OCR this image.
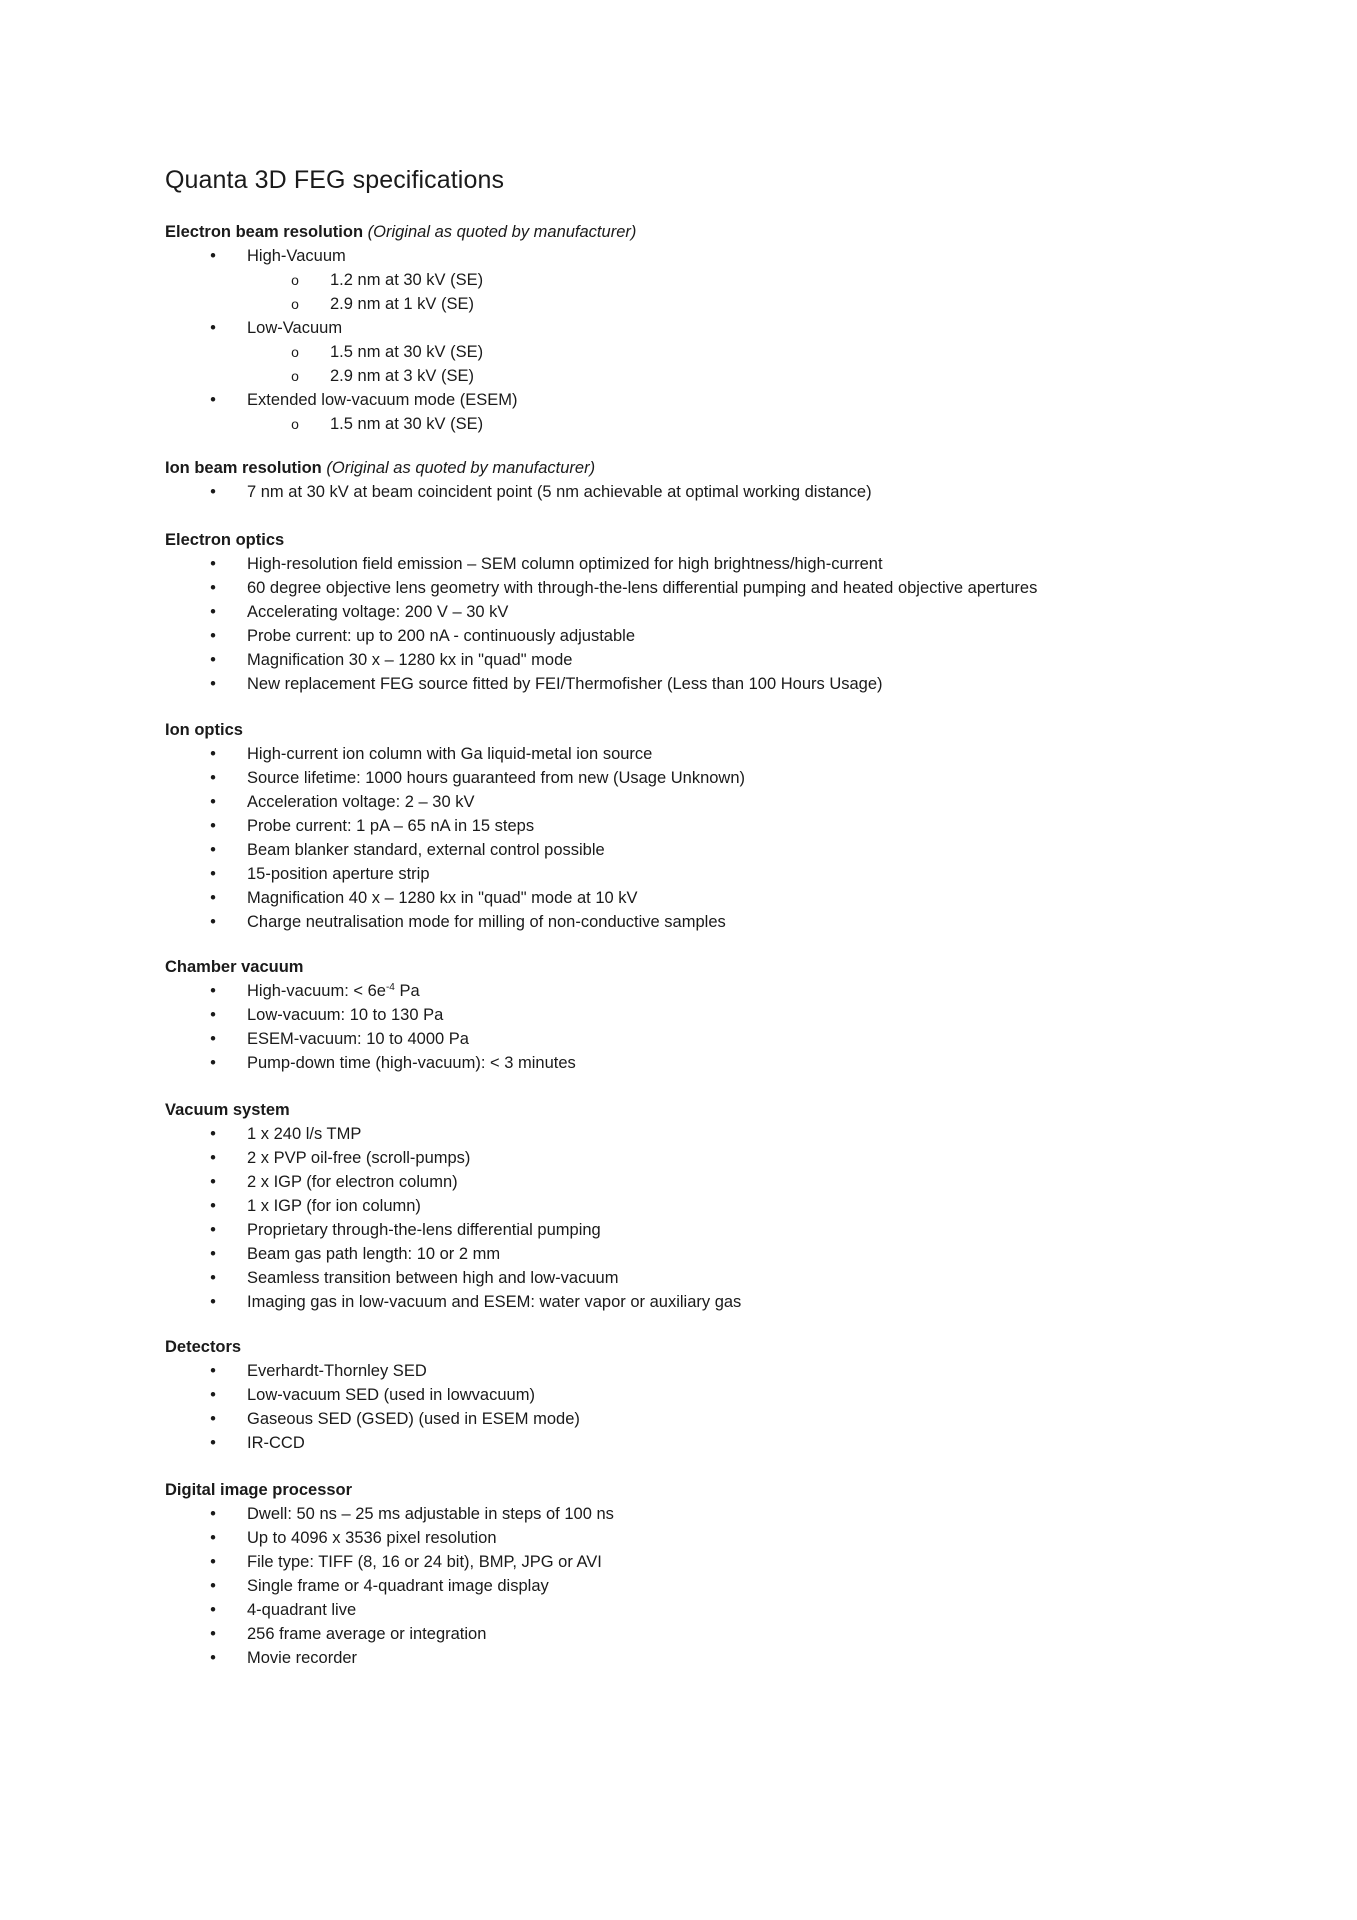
Quanta 3D FEG specifications
Electron beam resolution (Original as quoted by manufacturer)
•	High-Vacuum
o 1.2 nm at 30 kV (SE)
o 2.9 nm at 1 kV (SE)
•	Low-Vacuum
o 1.5 nm at 30 kV (SE)
o 2.9 nm at 3 kV (SE)
•	Extended low-vacuum mode (ESEM)
o 1.5 nm at 30 kV (SE)
Ion beam resolution (Original as quoted by manufacturer)
•	7 nm at 30 kV at beam coincident point (5 nm achievable at optimal working distance)
Electron optics
•	High-resolution field emission – SEM column optimized for high brightness/high-current
•	60 degree objective lens geometry with through-the-lens differential pumping and heated objective apertures
•	Accelerating voltage: 200 V – 30 kV
•	Probe current: up to 200 nA - continuously adjustable
•	Magnification 30 x – 1280 kx in "quad" mode
•	New replacement FEG source fitted by FEI/Thermofisher (Less than 100 Hours Usage)
Ion optics
•	High-current ion column with Ga liquid-metal ion source
•	Source lifetime: 1000 hours guaranteed from new (Usage Unknown)
•	Acceleration voltage: 2 – 30 kV
•	Probe current: 1 pA – 65 nA in 15 steps
•	Beam blanker standard, external control possible
•	15-position aperture strip
•	Magnification 40 x – 1280 kx in "quad" mode at 10 kV
•	Charge neutralisation mode for milling of non-conductive samples
Chamber vacuum
•	High-vacuum: < $6e^{-4}$ Pa
•	Low-vacuum: 10 to 130 Pa
•	ESEM-vacuum: 10 to 4000 Pa
•	Pump-down time (high-vacuum): < 3 minutes
Vacuum system
•	1 x 240 l/s TMP
•	2 x PVP oil-free (scroll-pumps)
•	2 x IGP (for electron column)
•	1 x IGP (for ion column)
•	Proprietary through-the-lens differential pumping
•	Beam gas path length: 10 or 2 mm
•	Seamless transition between high and low-vacuum
•	Imaging gas in low-vacuum and ESEM: water vapor or auxiliary gas
Detectors
•	Everhardt-Thornley SED
•	Low-vacuum SED (used in lowvacuum)
•	Gaseous SED (GSED) (used in ESEM mode)
•	IR-CCD
Digital image processor
•	Dwell: 50 ns – 25 ms adjustable in steps of 100 ns
•	Up to 4096 x 3536 pixel resolution
•	File type: TIFF (8, 16 or 24 bit), BMP, JPG or AVI
•	Single frame or 4-quadrant image display
•	4-quadrant live
•	256 frame average or integration
•	Movie recorder
